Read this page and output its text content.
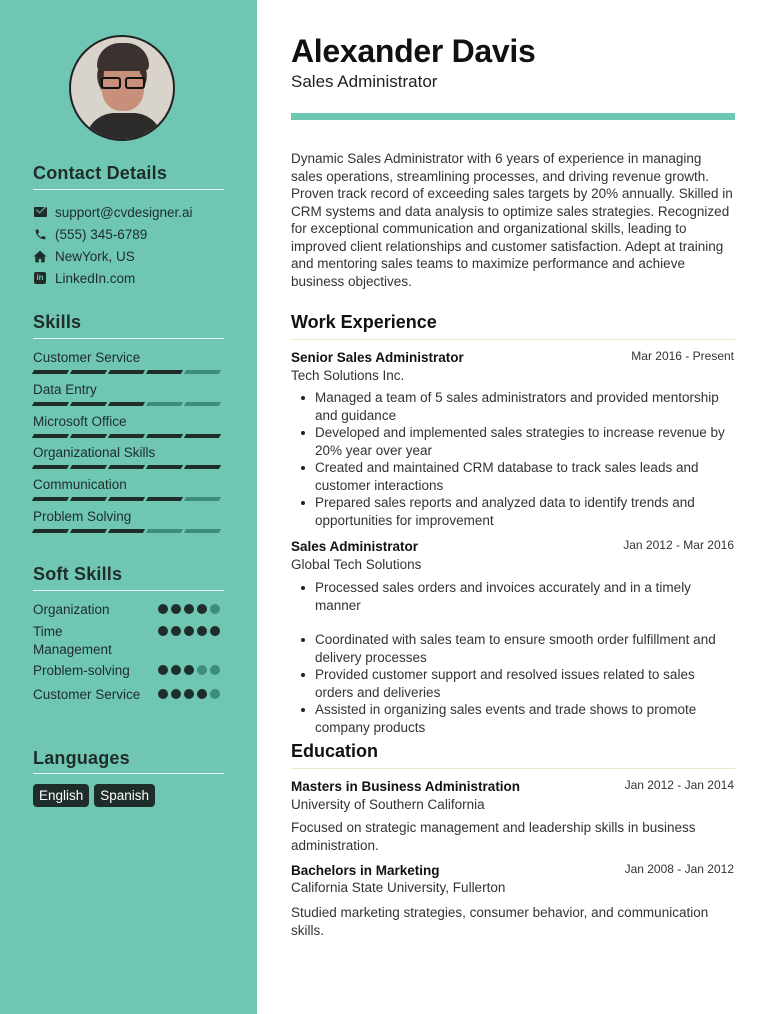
Contact Details
support@cvdesigner.ai
(555) 345-6789
NewYork, US
in LinkedIn.com
Skills
Customer Service
Data Entry
Microsoft Office
Organizational Skills
Communication
Problem Solving
Soft Skills
Organization
Time Management
Problem-solving
Customer Service
Languages
English	Spanish
Alexander Davis
Sales Administrator

Dynamic Sales Administrator with 6 years of experience in managing sales operations, streamlining processes, and driving revenue growth. Proven track record of exceeding sales targets by 20% annually. Skilled in CRM systems and data analysis to optimize sales strategies. Recognized for exceptional communication and organizational skills, leading to improved client relationships and customer satisfaction. Adept at training and mentoring sales teams to maximize performance and achieve business objectives.

Work Experience
Senior Sales Administrator	Mar 2016 - Present
Tech Solutions Inc.
Managed a team of 5 sales administrators and provided mentorship and guidance
Developed and implemented sales strategies to increase revenue by 20% year over year
Created and maintained CRM database to track sales leads and customer interactions
Prepared sales reports and analyzed data to identify trends and opportunities for improvement
Sales Administrator	Jan 2012 - Mar 2016
Global Tech Solutions
Processed sales orders and invoices accurately and in a timely manner
Coordinated with sales team to ensure smooth order fulfillment and delivery processes
Provided customer support and resolved issues related to sales orders and deliveries
Assisted in organizing sales events and trade shows to promote company products
Education
Masters in Business Administration	Jan 2012 - Jan 2014
University of Southern California

Focused on strategic management and leadership skills in business administration.

Bachelors in Marketing	Jan 2008 - Jan 2012
California State University, Fullerton

Studied marketing strategies, consumer behavior, and communication skills.
